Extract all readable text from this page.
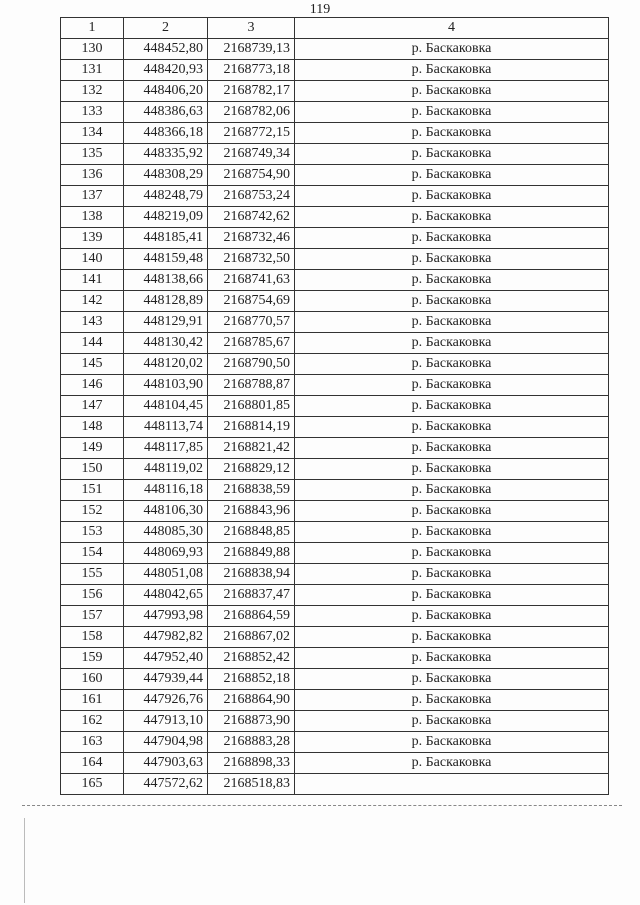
119
1	2	3	4
130	448452,80	2168739,13	р. Баскаковка
131	448420,93	2168773,18	р. Баскаковка
132	448406,20	2168782,17	р. Баскаковка
133	448386,63	2168782,06	р. Баскаковка
134	448366,18	2168772,15	р. Баскаковка
135	448335,92	2168749,34	р. Баскаковка
136	448308,29	2168754,90	р. Баскаковка
137	448248,79	2168753,24	р. Баскаковка
138	448219,09	2168742,62	р. Баскаковка
139	448185,41	2168732,46	р. Баскаковка
140	448159,48	2168732,50	р. Баскаковка
141	448138,66	2168741,63	р. Баскаковка
142	448128,89	2168754,69	р. Баскаковка
143	448129,91	2168770,57	р. Баскаковка
144	448130,42	2168785,67	р. Баскаковка
145	448120,02	2168790,50	р. Баскаковка
146	448103,90	2168788,87	р. Баскаковка
147	448104,45	2168801,85	р. Баскаковка
148	448113,74	2168814,19	р. Баскаковка
149	448117,85	2168821,42	р. Баскаковка
150	448119,02	2168829,12	р. Баскаковка
151	448116,18	2168838,59	р. Баскаковка
152	448106,30	2168843,96	р. Баскаковка
153	448085,30	2168848,85	р. Баскаковка
154	448069,93	2168849,88	р. Баскаковка
155	448051,08	2168838,94	р. Баскаковка
156	448042,65	2168837,47	р. Баскаковка
157	447993,98	2168864,59	р. Баскаковка
158	447982,82	2168867,02	р. Баскаковка
159	447952,40	2168852,42	р. Баскаковка
160	447939,44	2168852,18	р. Баскаковка
161	447926,76	2168864,90	р. Баскаковка
162	447913,10	2168873,90	р. Баскаковка
163	447904,98	2168883,28	р. Баскаковка
164	447903,63	2168898,33	р. Баскаковка
165	447572,62	2168518,83	
